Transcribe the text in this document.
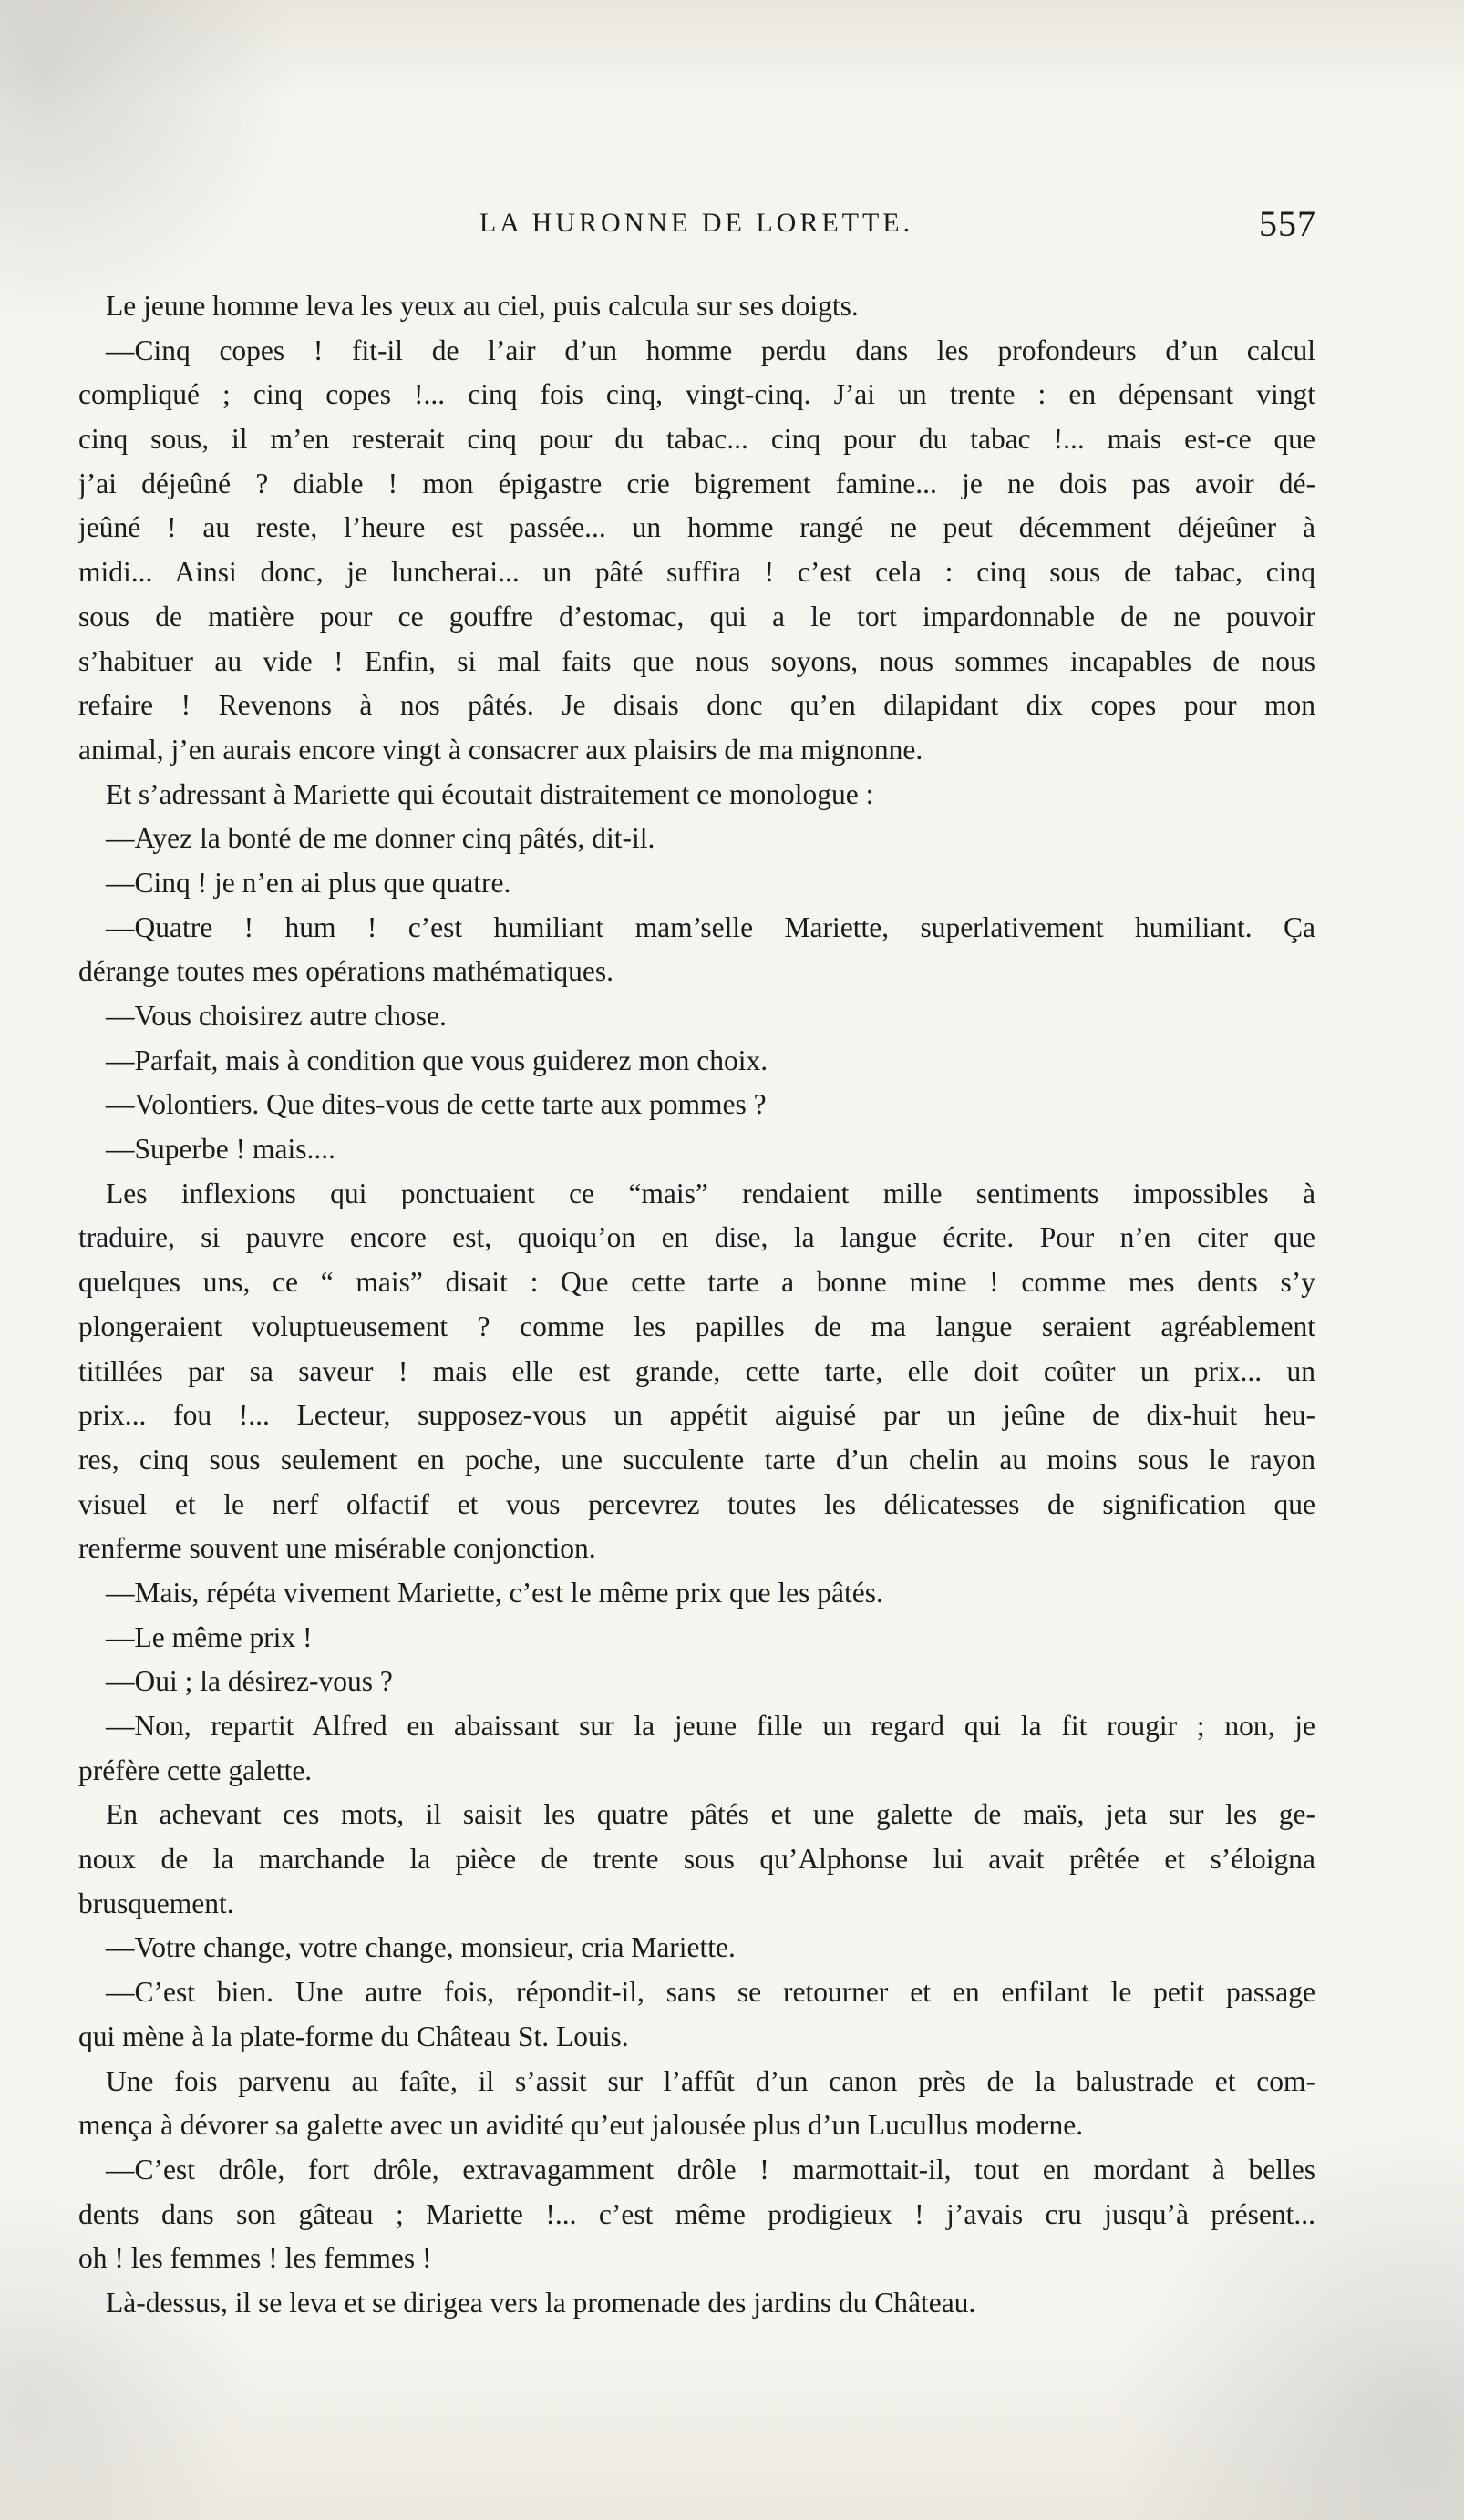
LA HURONNE DE LORETTE.	557
Le jeune homme leva les yeux au ciel, puis calcula sur ses doigts.
—Cinq copes ! fit-il de l’air d’un homme perdu dans les profondeurs d’un calcul
compliqué ; cinq copes !... cinq fois cinq, vingt-cinq. J’ai un trente : en dépensant vingt
cinq sous, il m’en resterait cinq pour du tabac... cinq pour du tabac !... mais est-ce que
j’ai déjeûné ? diable ! mon épigastre crie bigrement famine... je ne dois pas avoir dé-
jeûné ! au reste, l’heure est passée... un homme rangé ne peut décemment déjeûner à
midi... Ainsi donc, je luncherai... un pâté suffira ! c’est cela : cinq sous de tabac, cinq
sous de matière pour ce gouffre d’estomac, qui a le tort impardonnable de ne pouvoir
s’habituer au vide ! Enfin, si mal faits que nous soyons, nous sommes incapables de nous
refaire ! Revenons à nos pâtés. Je disais donc qu’en dilapidant dix copes pour mon
animal, j’en aurais encore vingt à consacrer aux plaisirs de ma mignonne.
Et s’adressant à Mariette qui écoutait distraitement ce monologue :
—Ayez la bonté de me donner cinq pâtés, dit-il.
—Cinq ! je n’en ai plus que quatre.
—Quatre ! hum ! c’est humiliant mam’selle Mariette, superlativement humiliant. Ça
dérange toutes mes opérations mathématiques.
—Vous choisirez autre chose.
—Parfait, mais à condition que vous guiderez mon choix.
—Volontiers. Que dites-vous de cette tarte aux pommes ?
—Superbe ! mais....
Les inflexions qui ponctuaient ce “mais” rendaient mille sentiments impossibles à
traduire, si pauvre encore est, quoiqu’on en dise, la langue écrite. Pour n’en citer que
quelques uns, ce “ mais” disait : Que cette tarte a bonne mine ! comme mes dents s’y
plongeraient voluptueusement ? comme les papilles de ma langue seraient agréablement
titillées par sa saveur ! mais elle est grande, cette tarte, elle doit coûter un prix... un
prix... fou !... Lecteur, supposez-vous un appétit aiguisé par un jeûne de dix-huit heu-
res, cinq sous seulement en poche, une succulente tarte d’un chelin au moins sous le rayon
visuel et le nerf olfactif et vous percevrez toutes les délicatesses de signification que
renferme souvent une misérable conjonction.
—Mais, répéta vivement Mariette, c’est le même prix que les pâtés.
—Le même prix !
—Oui ; la désirez-vous ?
—Non, repartit Alfred en abaissant sur la jeune fille un regard qui la fit rougir ; non, je
préfère cette galette.
En achevant ces mots, il saisit les quatre pâtés et une galette de maïs, jeta sur les ge-
noux de la marchande la pièce de trente sous qu’Alphonse lui avait prêtée et s’éloigna
brusquement.
—Votre change, votre change, monsieur, cria Mariette.
—C’est bien. Une autre fois, répondit-il, sans se retourner et en enfilant le petit passage
qui mène à la plate-forme du Château St. Louis.
Une fois parvenu au faîte, il s’assit sur l’affût d’un canon près de la balustrade et com-
mença à dévorer sa galette avec un avidité qu’eut jalousée plus d’un Lucullus moderne.
—C’est drôle, fort drôle, extravagamment drôle ! marmottait-il, tout en mordant à belles
dents dans son gâteau ; Mariette !... c’est même prodigieux ! j’avais cru jusqu’à présent...
oh ! les femmes ! les femmes !
Là-dessus, il se leva et se dirigea vers la promenade des jardins du Château.
